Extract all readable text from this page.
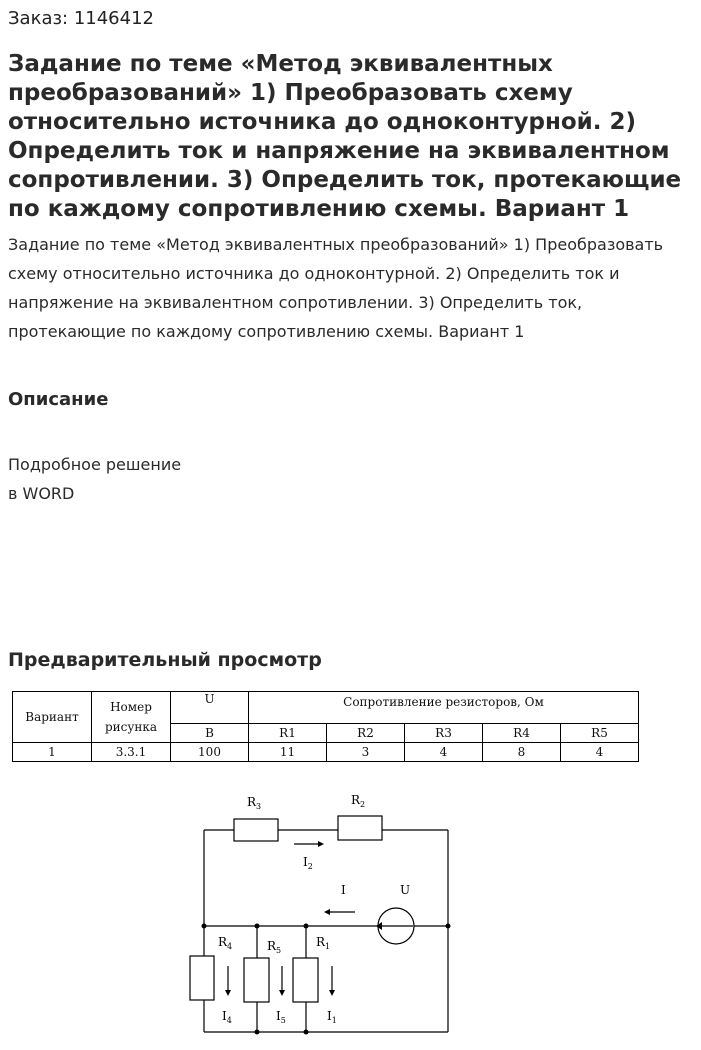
Заказ: 1146412
Задание по теме «Метод эквивалентных преобразований» 1) Преобразовать схему относительно источника до одноконтурной. 2) Определить ток и напряжение на эквивалентном сопротивлении. 3) Определить ток, протекающие по каждому сопротивлению схемы. Вариант 1

Задание по теме «Метод эквивалентных преобразований» 1) Преобразовать схему относительно источника до одноконтурной. 2) Определить ток и напряжение на эквивалентном сопротивлении. 3) Определить ток, протекающие по каждому сопротивлению схемы. Вариант 1

Описание
Подробное решение
в WORD
Предварительный просмотр
Вариант	Номер рисунка	U	Сопротивление резисторов, Ом				
		В	R1	R2	R3	R4	R5
1	3.3.1	100	11	3	4	8	4
$R_3$	$R_2$
$I_2$
I	U
$R_4$	$R_5$
$R_1$
$I_4$	$I_5$	$I_1$
